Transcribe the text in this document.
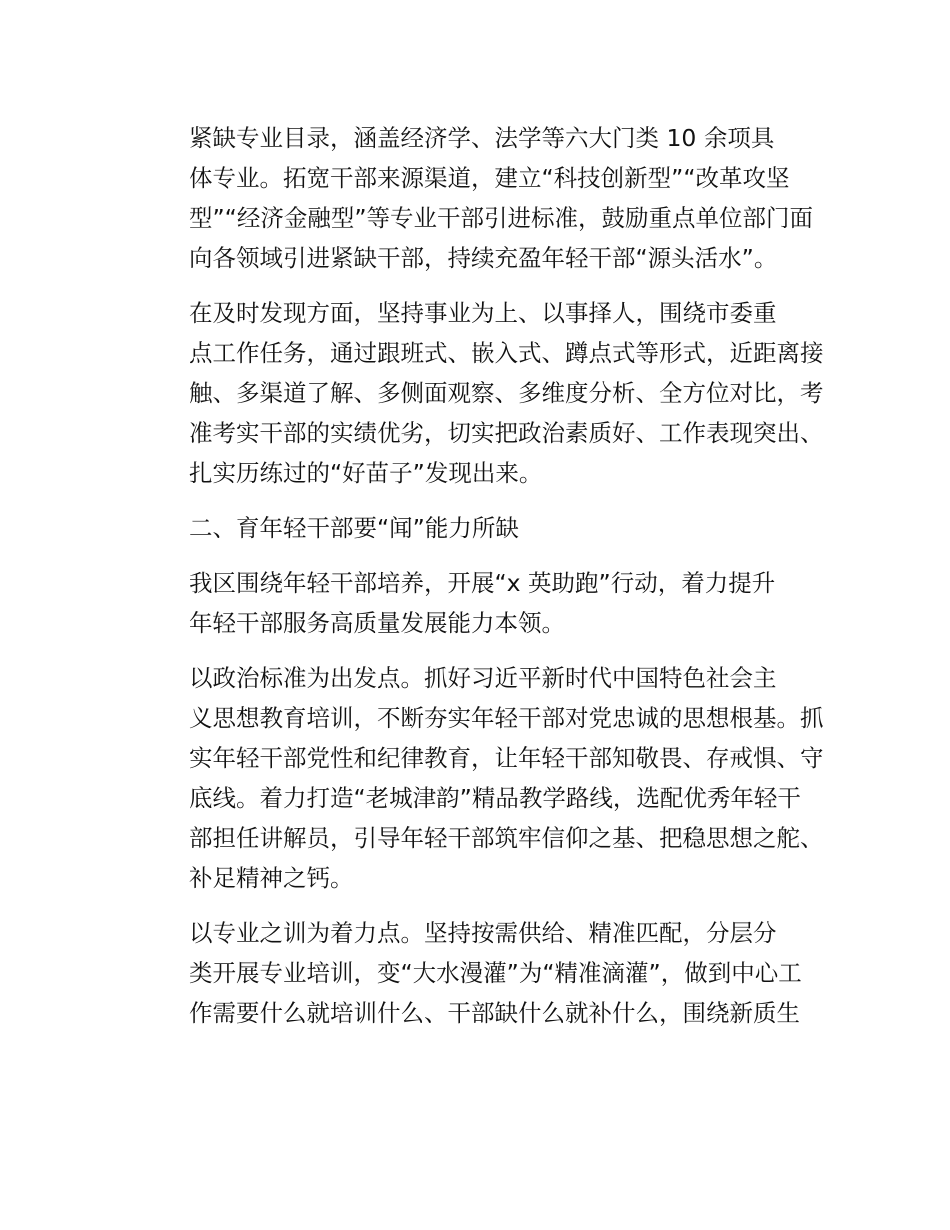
紧缺专业目录，涵盖经济学、法学等六大门类 10 余项具
体专业。拓宽干部来源渠道，建立“科技创新型”“改革攻坚
型”“经济金融型”等专业干部引进标准，鼓励重点单位部门面
向各领域引进紧缺干部，持续充盈年轻干部“源头活水”。

在及时发现方面，坚持事业为上、以事择人，围绕市委重
点工作任务，通过跟班式、嵌入式、蹲点式等形式，近距离接
触、多渠道了解、多侧面观察、多维度分析、全方位对比，考
准考实干部的实绩优劣，切实把政治素质好、工作表现突出、
扎实历练过的“好苗子”发现出来。

二、育年轻干部要“闻”能力所缺

我区围绕年轻干部培养，开展“x 英助跑”行动，着力提升
年轻干部服务高质量发展能力本领。

以政治标准为出发点。抓好习近平新时代中国特色社会主
义思想教育培训，不断夯实年轻干部对党忠诚的思想根基。抓
实年轻干部党性和纪律教育，让年轻干部知敬畏、存戒惧、守
底线。着力打造“老城津韵”精品教学路线，选配优秀年轻干
部担任讲解员，引导年轻干部筑牢信仰之基、把稳思想之舵、
补足精神之钙。

以专业之训为着力点。坚持按需供给、精准匹配，分层分
类开展专业培训，变“大水漫灌”为“精准滴灌”，做到中心工
作需要什么就培训什么、干部缺什么就补什么，围绕新质生
